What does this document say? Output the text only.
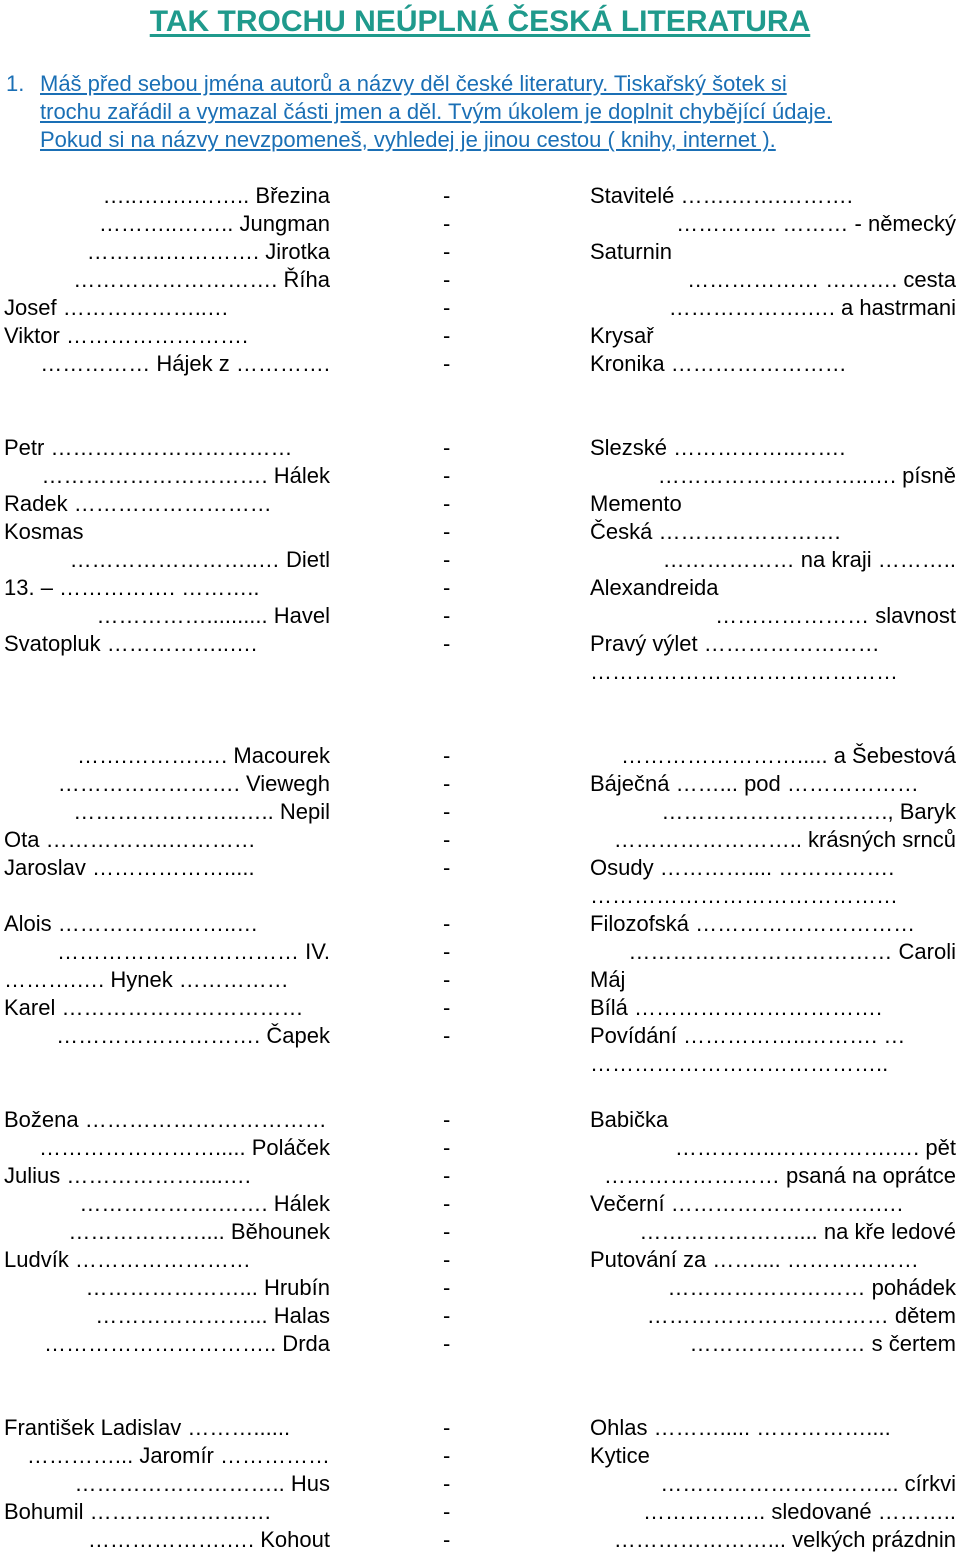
TAK TROCHU NEÚPLNÁ ČESKÁ LITERATURA
1. Máš před sebou jména autorů a názvy děl české literatury. Tiskařský šotek si
trochu zařádil a vymazal části jmen a děl. Tvým úkolem je doplnit chybějící údaje.
Pokud si na názvy nevzpomeneš, vyhledej je jinou cestou ( knihy, internet ).
…..….….…….. Březina	-	Stavitelé …….…….……….
………..…….. Jungman	-	………….. ……… - německý
………..…………. Jirotka	-	Saturnin
………………………. Říha	-	……………… ………. cesta
Josef ………………..…	-	……………….…. a hastrmani
Viktor …………………….	-	Krysař
…………… Hájek z ………….	-	Kronika ……………………
Petr ……………………………	-	Slezské ……………..…….
…………………………. Hálek	-	………………………..…. písně
Radek ………………………	-	Memento
Kosmas	-	Česká …………………….
……………………..… Dietl	-	……………… na kraji ………..
13. – ……………. ………..	-	Alexandreida
…………….......... Havel	-	………………… slavnost
Svatopluk ……………..….	-	Pravý výlet ……………………
……………………………………
…….……….…. Macourek	-	……………………..... a Šebestová
……………………. Viewegh	-	Báječná ……... pod ………………
…………………..….. Nepil	-	…………………………., Baryk
Ota ……………..…………	-	…………………….. krásných srnců
Jaroslav ……………….....	-	Osudy ………….... …………….
……………………………………
Alois ……………..……..…	-	Filozofská …………………………
…………………………… IV.	-	……………………………… Caroli
……….…. Hynek ……………	-	Máj
Karel ……………………………	-	Bílá …………………………….
………………………. Čapek	-	Povídání ……………..………. …
…………………………………..
Božena ……………………………	-	Babička
……………………..... Poláček	-	…………..…………….…. pět
Julius ………………....….	-	…………………… psaná na oprátce
……………….……. Hálek	-	Večerní ……………………….….
……………….... Běhounek	-	………………….... na kře ledové
Ludvík ……………………	-	Putování za …….... ………………
…………………... Hrubín	-	……………………… pohádek
…………………... Halas	-	…………………………… dětem
………………………….. Drda	-	…………………… s čertem
František Ladislav ………......	-	Ohlas ………..... ……………....
…………... Jaromír ……………	-	Kytice
……………………….. Hus	-	…………………………... církvi
Bohumil ………………….…	-	…………….. sledované ………..
……………….…. Kohout	-	…………………... velkých prázdnin
